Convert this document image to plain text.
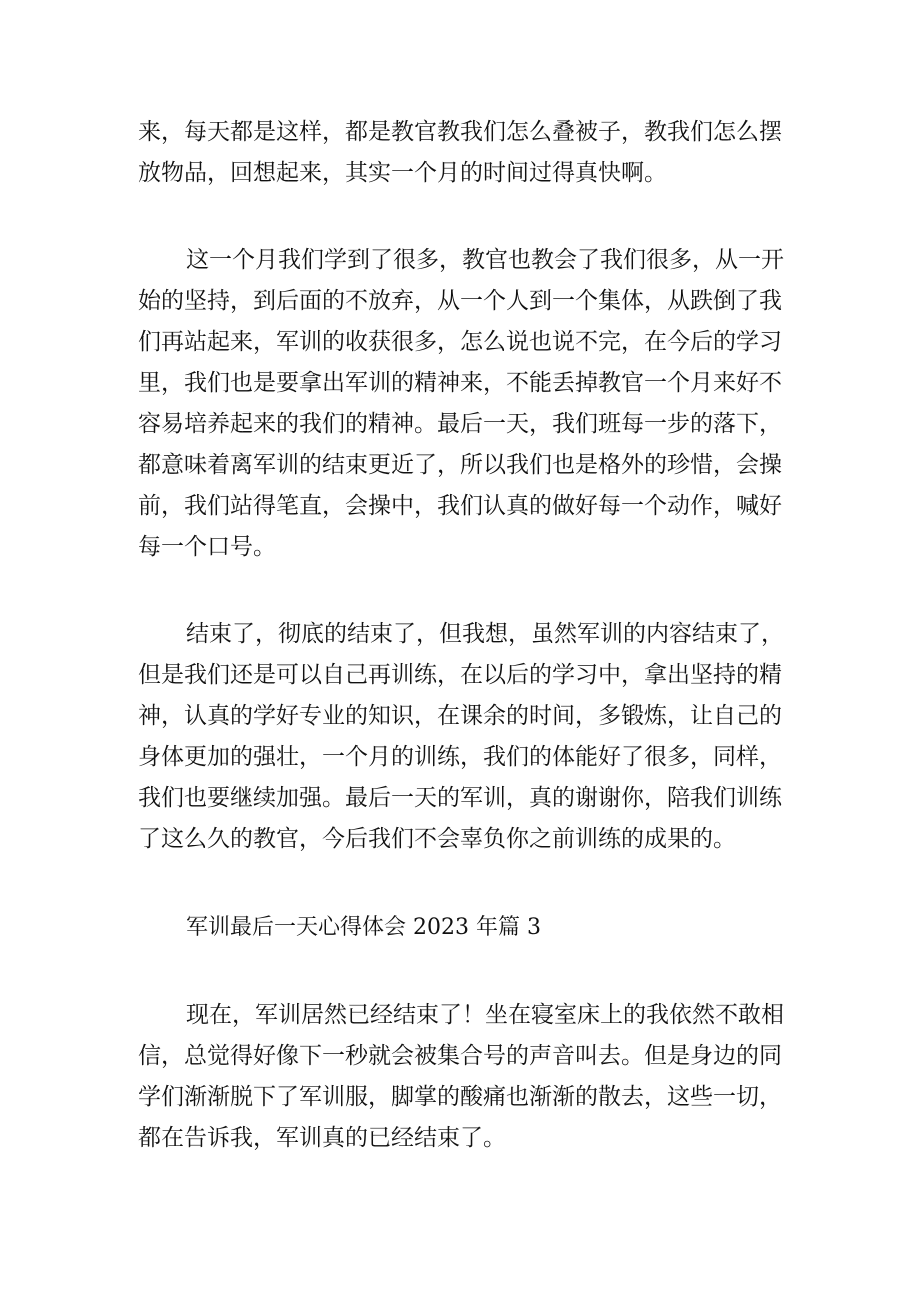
来，每天都是这样，都是教官教我们怎么叠被子，教我们怎么摆
放物品，回想起来，其实一个月的时间过得真快啊。
这一个月我们学到了很多，教官也教会了我们很多，从一开
始的坚持，到后面的不放弃，从一个人到一个集体，从跌倒了我
们再站起来，军训的收获很多，怎么说也说不完，在今后的学习
里，我们也是要拿出军训的精神来，不能丢掉教官一个月来好不
容易培养起来的我们的精神。最后一天，我们班每一步的落下，
都意味着离军训的结束更近了，所以我们也是格外的珍惜，会操
前，我们站得笔直，会操中，我们认真的做好每一个动作，喊好
每一个口号。
结束了，彻底的结束了，但我想，虽然军训的内容结束了，
但是我们还是可以自己再训练，在以后的学习中，拿出坚持的精
神，认真的学好专业的知识，在课余的时间，多锻炼，让自己的
身体更加的强壮，一个月的训练，我们的体能好了很多，同样，
我们也要继续加强。最后一天的军训，真的谢谢你，陪我们训练
了这么久的教官，今后我们不会辜负你之前训练的成果的。
军训最后一天心得体会 2023 年篇 3
现在，军训居然已经结束了！坐在寝室床上的我依然不敢相
信，总觉得好像下一秒就会被集合号的声音叫去。但是身边的同
学们渐渐脱下了军训服，脚掌的酸痛也渐渐的散去，这些一切，
都在告诉我，军训真的已经结束了。
